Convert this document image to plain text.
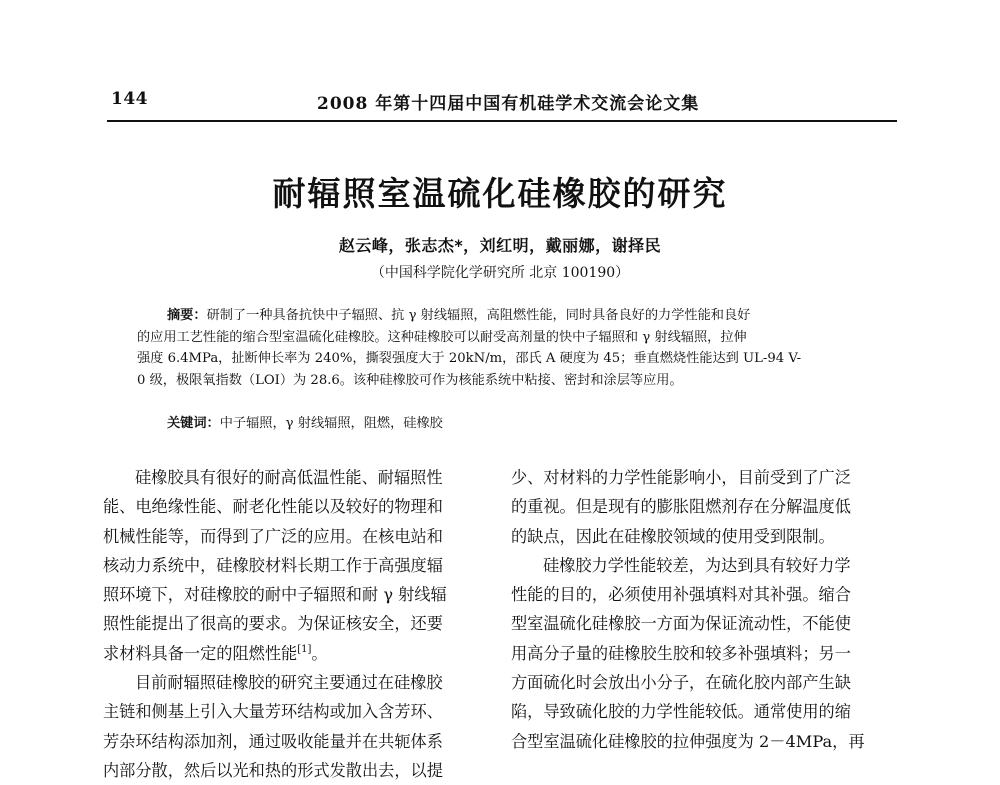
144	2008 年第十四届中国有机硅学术交流会论文集
耐辐照室温硫化硅橡胶的研究
赵云峰，张志杰*，刘红明，戴丽娜，谢择民
（中国科学院化学研究所 北京 100190）
摘要：研制了一种具备抗快中子辐照、抗 γ 射线辐照，高阻燃性能，同时具备良好的力学性能和良好
的应用工艺性能的缩合型室温硫化硅橡胶。这种硅橡胶可以耐受高剂量的快中子辐照和 γ 射线辐照，拉伸
强度 6.4MPa，扯断伸长率为 240%，撕裂强度大于 20kN/m，邵氏 A 硬度为 45；垂直燃烧性能达到 UL-94 V-
0 级，极限氧指数（LOI）为 28.6。该种硅橡胶可作为核能系统中粘接、密封和涂层等应用。
关键词：中子辐照，γ 射线辐照，阻燃，硅橡胶
硅橡胶具有很好的耐高低温性能、耐辐照性
能、电绝缘性能、耐老化性能以及较好的物理和
机械性能等，而得到了广泛的应用。在核电站和
核动力系统中，硅橡胶材料长期工作于高强度辐
照环境下，对硅橡胶的耐中子辐照和耐 γ 射线辐
照性能提出了很高的要求。为保证核安全，还要
求材料具备一定的阻燃性能[1]。
目前耐辐照硅橡胶的研究主要通过在硅橡胶
主链和侧基上引入大量芳环结构或加入含芳环、
芳杂环结构添加剂，通过吸收能量并在共轭体系
内部分散，然后以光和热的形式发散出去，以提
少、对材料的力学性能影响小，目前受到了广泛
的重视。但是现有的膨胀阻燃剂存在分解温度低
的缺点，因此在硅橡胶领域的使用受到限制。
硅橡胶力学性能较差，为达到具有较好力学
性能的目的，必须使用补强填料对其补强。缩合
型室温硫化硅橡胶一方面为保证流动性，不能使
用高分子量的硅橡胶生胶和较多补强填料；另一
方面硫化时会放出小分子，在硫化胶内部产生缺
陷，导致硫化胶的力学性能较低。通常使用的缩
合型室温硫化硅橡胶的拉伸强度为 2－4MPa，再
